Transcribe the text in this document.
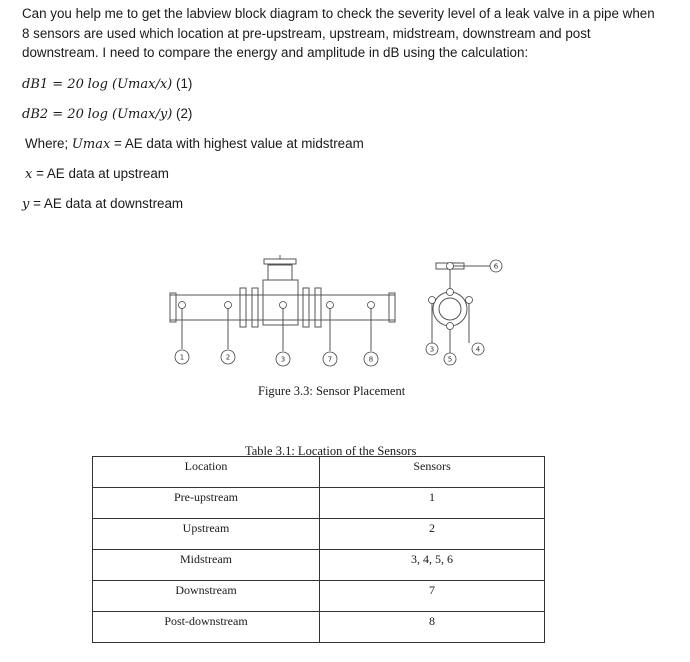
Can you help me to get the labview block diagram to check the severity level of a leak valve in a pipe when 8 sensors are used which location at pre-upstream, upstream, midstream, downstream and post downstream. I need to compare the energy and amplitude in dB using the calculation:
dB1 = 20 log (Umax/x) (1)
dB2 = 20 log (Umax/y) (2)
Where; Umax = AE data with highest value at midstream
x = AE data at upstream
y = AE data at downstream
1	2	3	7	8
3
5
4
6
Figure 3.3: Sensor Placement
Table 3.1: Location of the Sensors
Location	Sensors

Pre-upstream	1

Upstream	2

Midstream	3, 4, 5, 6

Downstream	7

Post-downstream	8
